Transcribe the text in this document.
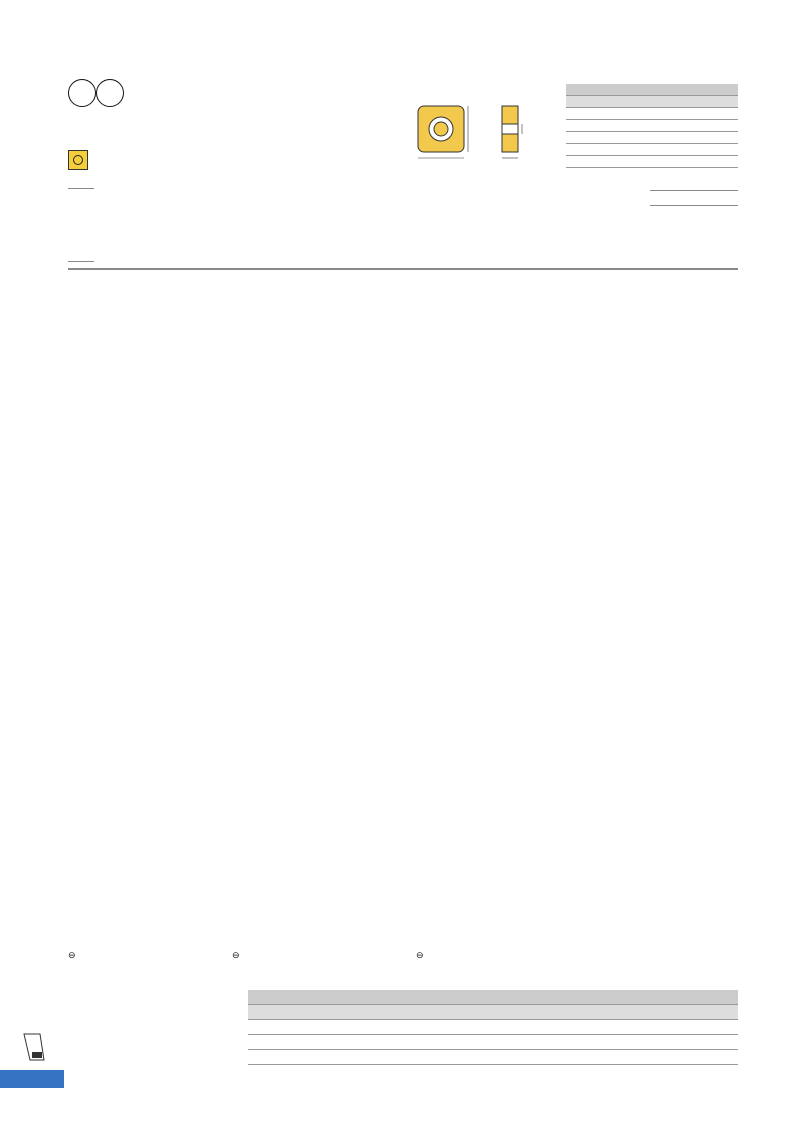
⊖	⊖	⊖
